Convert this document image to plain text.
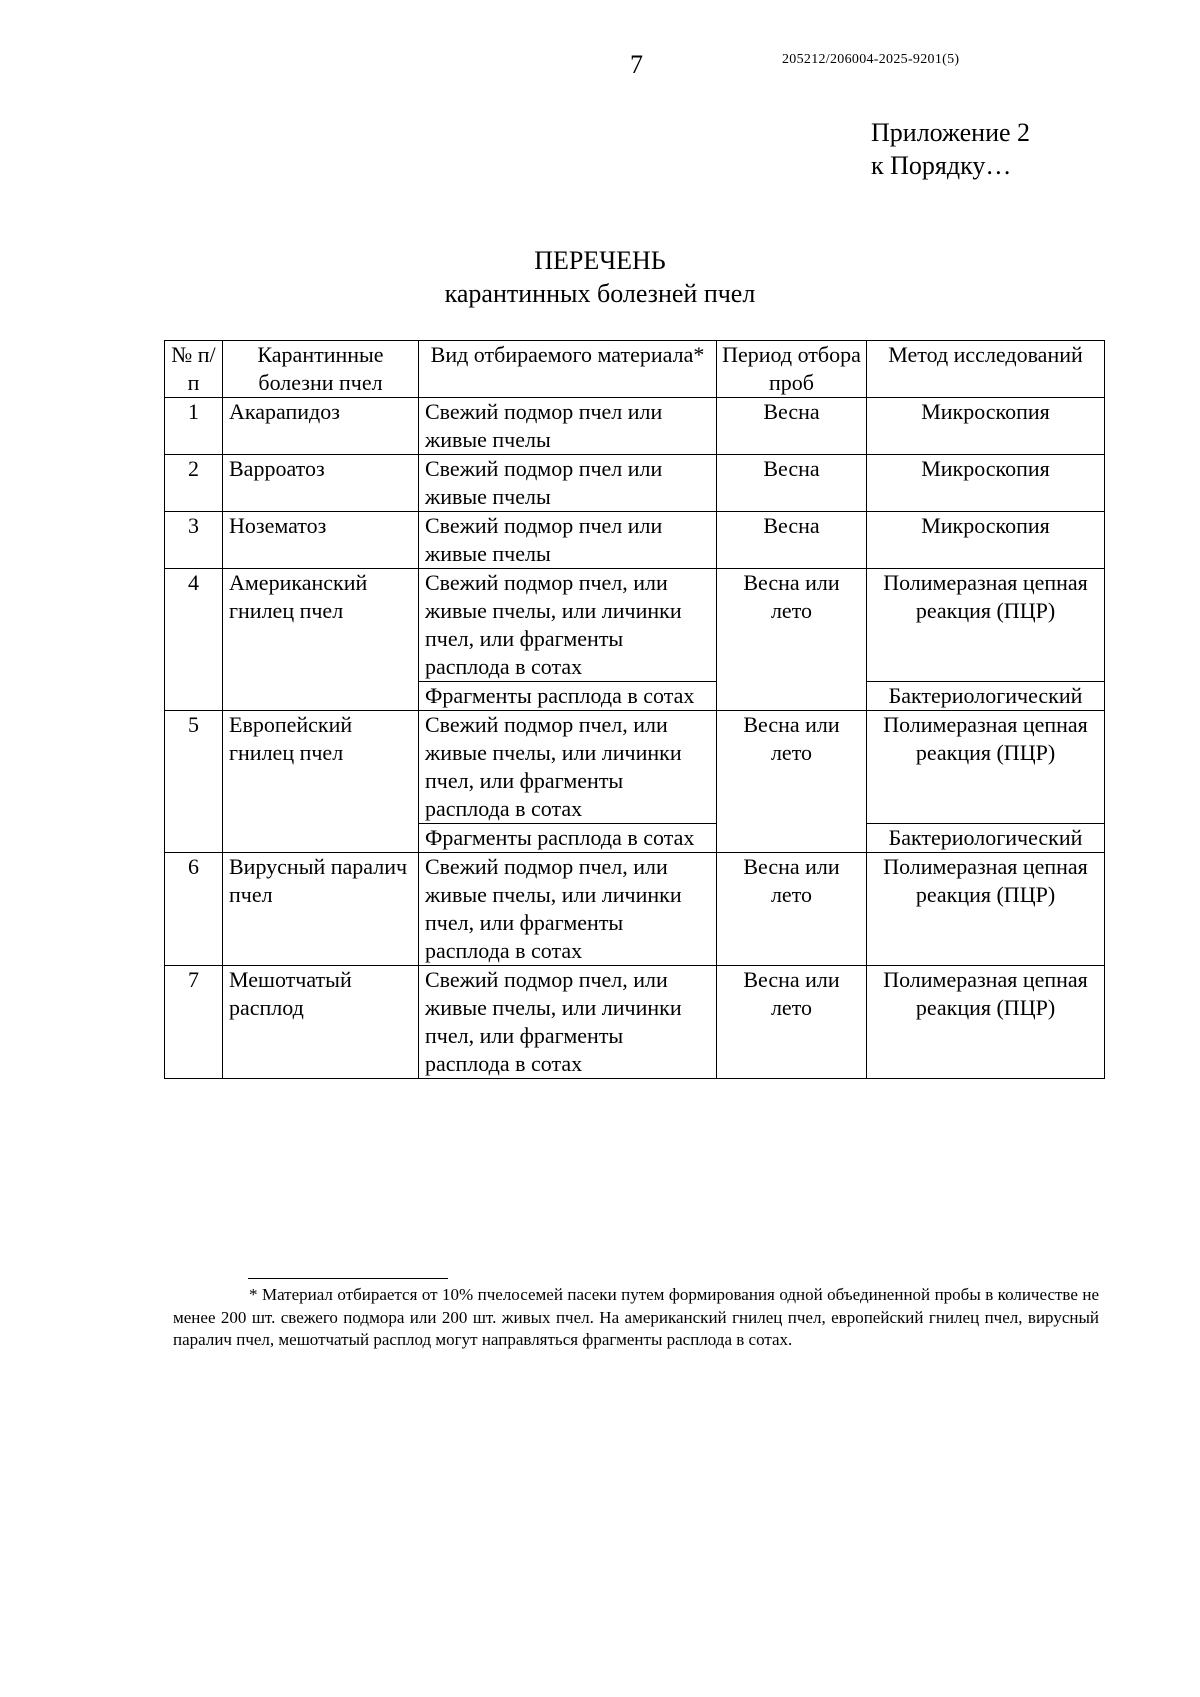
7	205212/206004-2025-9201(5)
Приложение 2
к Порядку…
ПЕРЕЧЕНЬ
карантинных болезней пчел
№ п/п	Карантинные болезни пчел	Вид отбираемого материала*	Период отбора проб	Метод исследований
1	Акарапидоз	Свежий подмор пчел или живые пчелы	Весна	Микроскопия
2	Варроатоз	Свежий подмор пчел или живые пчелы	Весна	Микроскопия
3	Нозематоз	Свежий подмор пчел или живые пчелы	Весна	Микроскопия
4	Американский гнилец пчел	Свежий подмор пчел, или живые пчелы, или личинки пчел, или фрагменты расплода в сотах	Весна или лето	Полимеразная цепная реакция (ПЦР)
		Фрагменты расплода в сотах		Бактериологический
5	Европейский гнилец пчел	Свежий подмор пчел, или живые пчелы, или личинки пчел, или фрагменты расплода в сотах	Весна или лето	Полимеразная цепная реакция (ПЦР)
		Фрагменты расплода в сотах		Бактериологический
6	Вирусный паралич пчел	Свежий подмор пчел, или живые пчелы, или личинки пчел, или фрагменты расплода в сотах	Весна или лето	Полимеразная цепная реакция (ПЦР)
7	Мешотчатый расплод	Свежий подмор пчел, или живые пчелы, или личинки пчел, или фрагменты расплода в сотах	Весна или лето	Полимеразная цепная реакция (ПЦР)
* Материал отбирается от 10% пчелосемей пасеки путем формирования одной объединенной пробы в количестве не менее 200 шт. свежего подмора или 200 шт. живых пчел. На американский гнилец пчел, европейский гнилец пчел, вирусный паралич пчел, мешотчатый расплод могут направляться фрагменты расплода в сотах.
